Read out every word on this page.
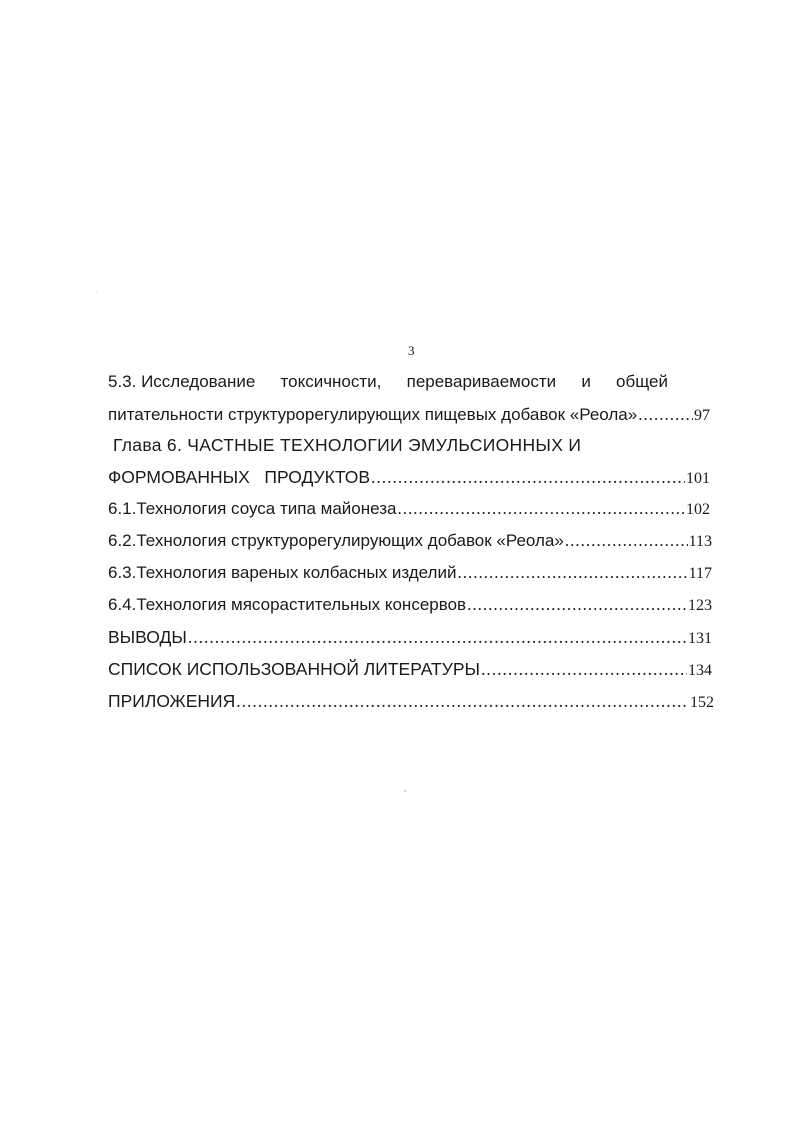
3
5.3. Исследование токсичности, перевариваемости и общей
питательности структурорегулирующих пищевых добавок «Реола» .....	97
Глава 6. ЧАСТНЫЕ ТЕХНОЛОГИИ ЭМУЛЬСИОННЫХ И
ФОРМОВАННЫХ   ПРОДУКТОВ .....	101
6.1.Технология соуса типа майонеза .....	102
6.2.Технология структурорегулирующих добавок «Реола» .....	113
6.3.Технология вареных колбасных изделий .....	117
6.4.Технология мясорастительных консервов .....	123
ВЫВОДЫ .....	131
СПИСОК ИСПОЛЬЗОВАННОЙ ЛИТЕРАТУРЫ .....	134
ПРИЛОЖЕНИЯ .....	152
